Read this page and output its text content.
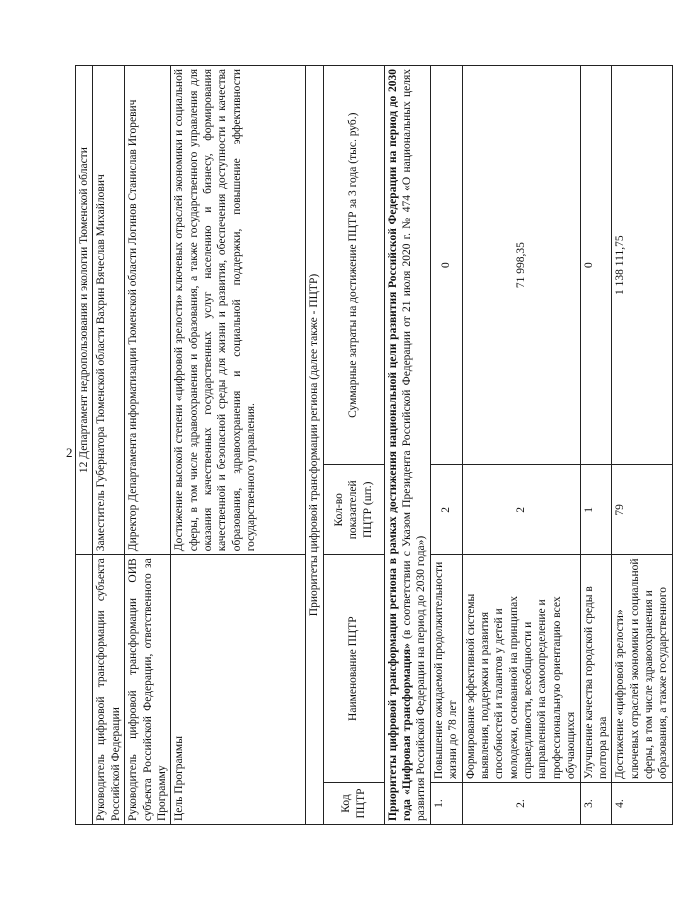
2
		12 Департамент недропользования и экологии Тюменской области	
Руководитель цифровой трансформации субъекта Российской Федерации		Заместитель Губернатора Тюменской области Вахрин Вячеслав Михайлович	
Руководитель цифровой трансформации ОИВ субъекта Российской Федерации, ответственного за Программу		Директор Департамента информатизации Тюменской области Логинов Станислав Игоревич	
Цель Программы		Достижение высокой степени «цифровой зрелости» ключевых отраслей экономики и социальной сферы, в том числе здравоохранения и образования, а также государственного управления для оказания качественных государственных услуг населению и бизнесу, формирования качественной и безопасной среды для жизни и развития, обеспечения доступности и качества образования, здравоохранения и социальной поддержки, повышение эффективности государственного управления.	
Приоритеты цифровой трансформации региона (далее также - ПЦТР)			
Код ПЦТР	Наименование ПЦТР	Кол-во показателей ПЦТР (шт.)	Суммарные затраты на достижение ПЦТР за 3 года (тыс. руб.)
Приоритеты цифровой трансформации региона в рамках достижения национальной цели развития Российской Федерации на период до 2030 года «Цифровая трансформация» (в соответствии с Указом Президента Российской Федерации от 21 июля 2020 г. № 474 «О национальных целях развития Российской Федерации на период до 2030 года»)			
1.	Повышение ожидаемой продолжительности жизни до 78 лет	2	0
2.	Формирование эффективной системы выявления, поддержки и развития способностей и талантов у детей и молодежи, основанной на принципах справедливости, всеобщности и направленной на самоопределение и профессиональную ориентацию всех обучающихся	2	71 998,35
3.	Улучшение качества городской среды в полтора раза	1	0
4.	Достижение «цифровой зрелости» ключевых отраслей экономики и социальной сферы, в том числе здравоохранения и образования, а также государственного	79	1 138 111,75
